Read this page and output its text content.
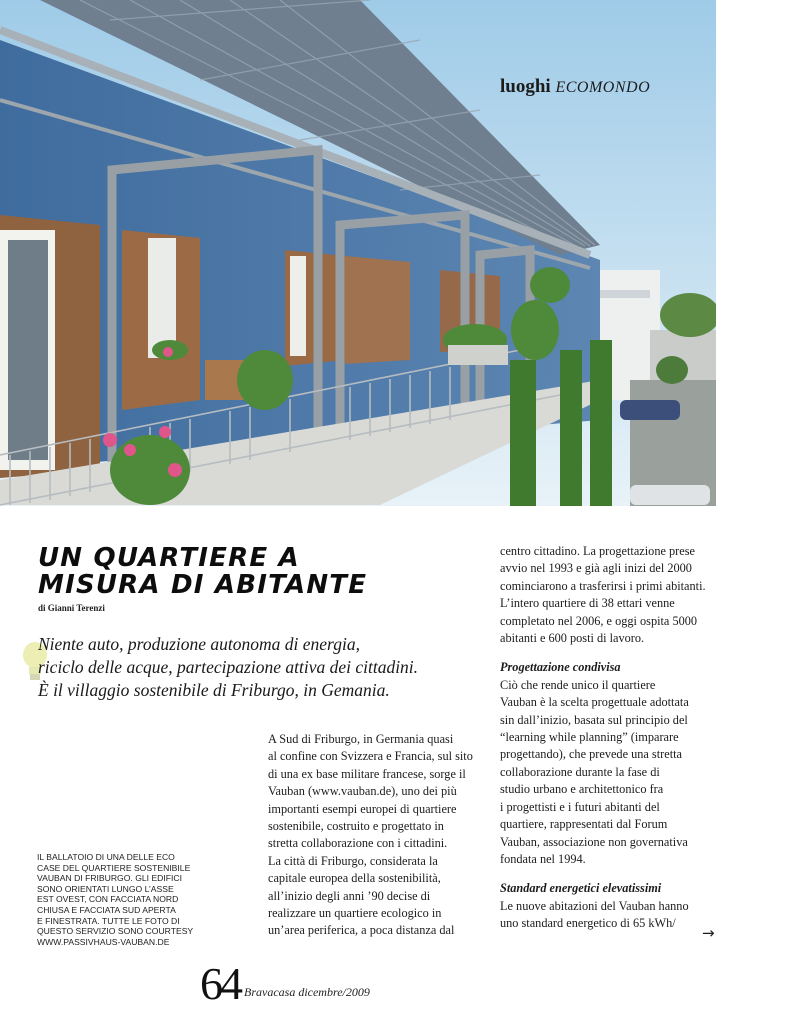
luoghi ECOMONDO
UN QUARTIERE A
MISURA DI ABITANTE
di Gianni Terenzi
Niente auto, produzione autonoma di energia,
riciclo delle acque, partecipazione attiva dei cittadini.
È il villaggio sostenibile di Friburgo, in Gemania.
IL BALLATOIO DI UNA DELLE ECO
CASE DEL QUARTIERE SOSTENIBILE
VAUBAN DI FRIBURGO. GLI EDIFICI
SONO ORIENTATI LUNGO L’ASSE
EST OVEST, CON FACCIATA NORD
CHIUSA E FACCIATA SUD APERTA
E FINESTRATA. TUTTE LE FOTO DI
QUESTO SERVIZIO SONO COURTESY
WWW.PASSIVHAUS-VAUBAN.DE
A Sud di Friburgo, in Germania quasi
al confine con Svizzera e Francia, sul sito
di una ex base militare francese, sorge il
Vauban (www.vauban.de), uno dei più
importanti esempi europei di quartiere
sostenibile, costruito e progettato in
stretta collaborazione con i cittadini.
La città di Friburgo, considerata la
capitale europea della sostenibilità,
all’inizio degli anni ’90 decise di
realizzare un quartiere ecologico in
un’area periferica, a poca distanza dal
centro cittadino. La progettazione prese
avvio nel 1993 e già agli inizi del 2000
cominciarono a trasferirsi i primi abitanti.
L’intero quartiere di 38 ettari venne
completato nel 2006, e oggi ospita 5000
abitanti e 600 posti di lavoro.
Progettazione condivisa
Ciò che rende unico il quartiere
Vauban è la scelta progettuale adottata
sin dall’inizio, basata sul principio del
“learning while planning” (imparare
progettando), che prevede una stretta
collaborazione durante la fase di
studio urbano e architettonico fra
i progettisti e i futuri abitanti del
quartiere, rappresentati dal Forum
Vauban, associazione non governativa
fondata nel 1994.
Standard energetici elevatissimi
Le nuove abitazioni del Vauban hanno
uno standard energetico di 65 kWh/
→
64 Bravacasa dicembre/2009
